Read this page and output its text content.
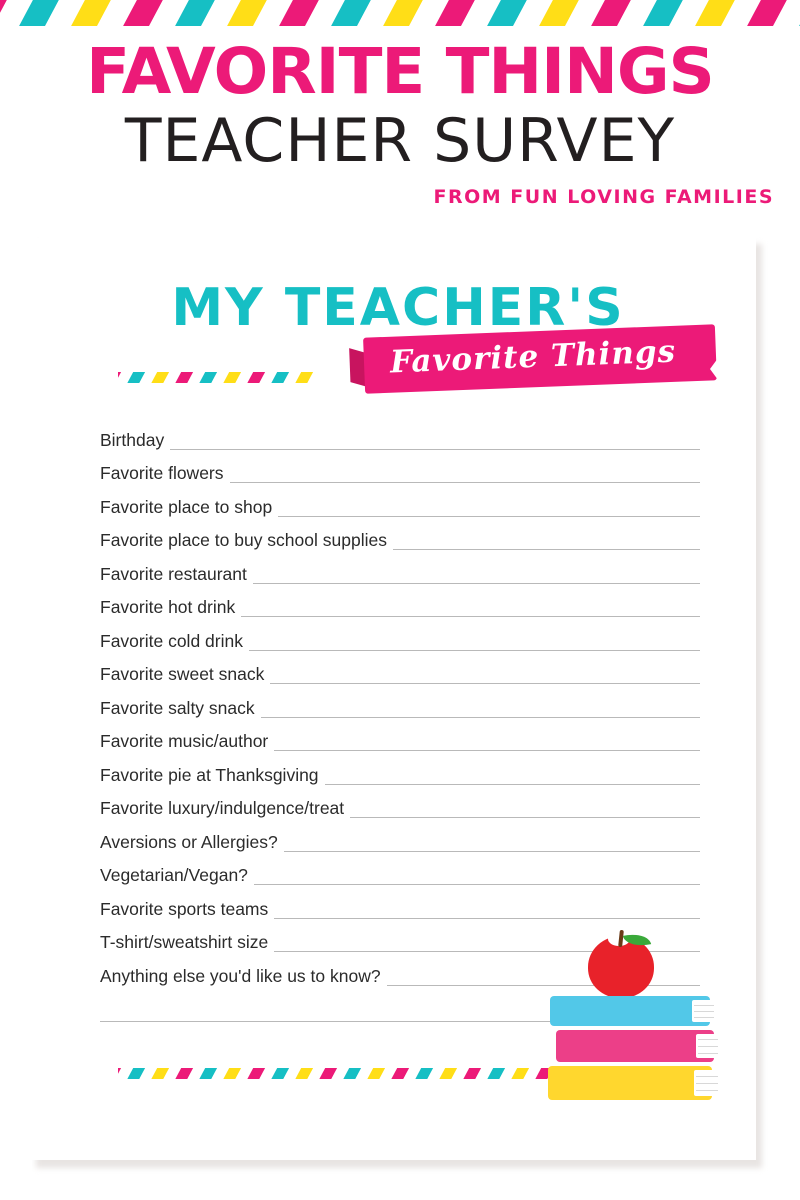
FAVORITE THINGS
TEACHER SURVEY

FROM FUN LOVING FAMILIES

MY TEACHER'S
Favorite Things
Birthday
Favorite flowers
Favorite place to shop
Favorite place to buy school supplies
Favorite restaurant
Favorite hot drink
Favorite cold drink
Favorite sweet snack
Favorite salty snack
Favorite music/author
Favorite pie at Thanksgiving
Favorite luxury/indulgence/treat
Aversions or Allergies?
Vegetarian/Vegan?
Favorite sports teams
T-shirt/sweatshirt size
Anything else you'd like us to know?
